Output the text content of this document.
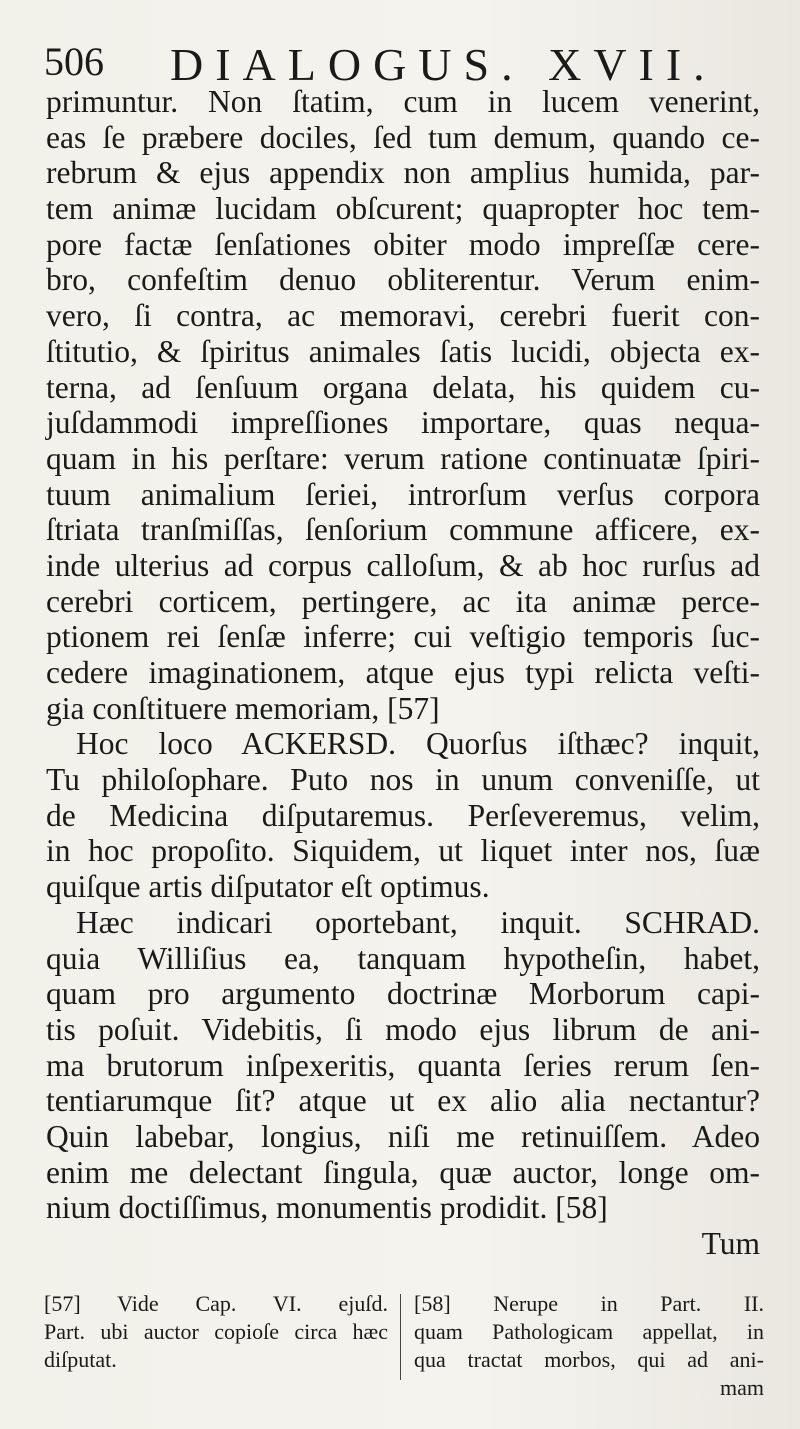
506 DIALOGUS. XVII.
primuntur. Non ſtatim, cum in lucem venerint,
eas ſe præbere dociles, ſed tum demum, quando ce-
rebrum & ejus appendix non amplius humida, par-
tem animæ lucidam obſcurent; quapropter hoc tem-
pore factæ ſenſationes obiter modo impreſſæ cere-
bro, confeſtim denuo obliterentur. Verum enim-
vero, ſi contra, ac memoravi, cerebri fuerit con-
ſtitutio, & ſpiritus animales ſatis lucidi, objecta ex-
terna, ad ſenſuum organa delata, his quidem cu-
juſdammodi impreſſiones importare, quas nequa-
quam in his perſtare: verum ratione continuatæ ſpiri-
tuum animalium ſeriei, introrſum verſus corpora
ſtriata tranſmiſſas, ſenſorium commune afficere, ex-
inde ulterius ad corpus calloſum, & ab hoc rurſus ad
cerebri corticem, pertingere, ac ita animæ perce-
ptionem rei ſenſæ inferre; cui veſtigio temporis ſuc-
cedere imaginationem, atque ejus typi relicta veſti-
gia conſtituere memoriam, [57]
Hoc loco ACKERSD. Quorſus iſthæc? inquit,
Tu philoſophare. Puto nos in unum conveniſſe, ut
de Medicina diſputaremus. Perſeveremus, velim,
in hoc propoſito. Siquidem, ut liquet inter nos, ſuæ
quiſque artis diſputator eſt optimus.
Hæc indicari oportebant, inquit. SCHRAD.
quia Williſius ea, tanquam hypotheſin, habet,
quam pro argumento doctrinæ Morborum capi-
tis poſuit. Videbitis, ſi modo ejus librum de ani-
ma brutorum inſpexeritis, quanta ſeries rerum ſen-
tentiarumque ſit? atque ut ex alio alia nectantur?
Quin labebar, longius, niſi me retinuiſſem. Adeo
enim me delectant ſingula, quæ auctor, longe om-
nium doctiſſimus, monumentis prodidit. [58]
Tum
[57] Vide Cap. VI. ejuſd.
Part. ubi auctor copioſe circa hæc
diſputat.
[58] Nerupe in Part. II.
quam Pathologicam appellat, in
qua tractat morbos, qui ad ani-
mam
